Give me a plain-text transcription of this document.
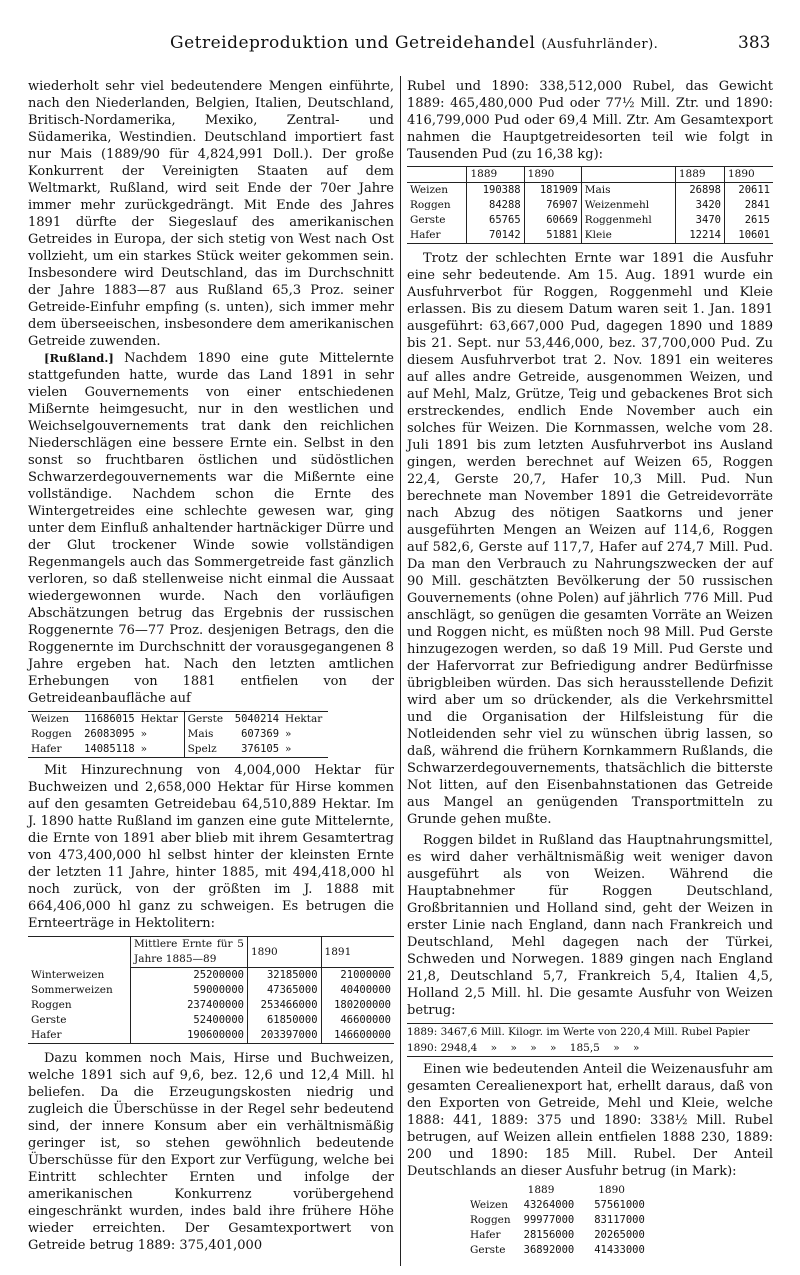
Getreideproduktion und Getreidehandel (Ausfuhrländer).	383

wiederholt sehr viel bedeutendere Mengen einführte, nach den Niederlanden, Belgien, Italien, Deutschland, Britisch-Nordamerika, Mexiko, Zentral- und Südamerika, Westindien. Deutschland importiert fast nur Mais (1889/90 für 4,824,991 Doll.). Der große Konkurrent der Vereinigten Staaten auf dem Weltmarkt, Rußland, wird seit Ende der 70er Jahre immer mehr zurückgedrängt. Mit Ende des Jahres 1891 dürfte der Siegeslauf des amerikanischen Getreides in Europa, der sich stetig von West nach Ost vollzieht, um ein starkes Stück weiter gekommen sein. Insbesondere wird Deutschland, das im Durchschnitt der Jahre 1883—87 aus Rußland 65,3 Proz. seiner Getreide-Einfuhr empfing (s. unten), sich immer mehr dem überseeischen, insbesondere dem amerikanischen Getreide zuwenden.

[Rußland.] Nachdem 1890 eine gute Mittelernte stattgefunden hatte, wurde das Land 1891 in sehr vielen Gouvernements von einer entschiedenen Mißernte heimgesucht, nur in den westlichen und Weichselgouvernements trat dank den reichlichen Niederschlägen eine bessere Ernte ein. Selbst in den sonst so fruchtbaren östlichen und südöstlichen Schwarzerdegouvernements war die Mißernte eine vollständige. Nachdem schon die Ernte des Wintergetreides eine schlechte gewesen war, ging unter dem Einfluß anhaltender hartnäckiger Dürre und der Glut trockener Winde sowie vollständigen Regenmangels auch das Sommergetreide fast gänzlich verloren, so daß stellenweise nicht einmal die Aussaat wiedergewonnen wurde. Nach den vorläufigen Abschätzungen betrug das Ergebnis der russischen Roggenernte 76—77 Proz. desjenigen Betrags, den die Roggenernte im Durchschnitt der vorausgegangenen 8 Jahre ergeben hat. Nach den letzten amtlichen Erhebungen von 1881 entfielen von der Getreideanbaufläche auf

Weizen	11686015	Hektar	Gerste	5040214	Hektar
Roggen	26083095	»	Mais	607369	»
Hafer	14085118	»	Spelz	376105	»

Mit Hinzurechnung von 4,004,000 Hektar für Buchweizen und 2,658,000 Hektar für Hirse kommen auf den gesamten Getreidebau 64,510,889 Hektar. Im J. 1890 hatte Rußland im ganzen eine gute Mittelernte, die Ernte von 1891 aber blieb mit ihrem Gesamtertrag von 473,400,000 hl selbst hinter der kleinsten Ernte der letzten 11 Jahre, hinter 1885, mit 494,418,000 hl noch zurück, von der größten im J. 1888 mit 664,406,000 hl ganz zu schweigen. Es betrugen die Ernteerträge in Hektolitern:

	Mittlere Ernte für 5 Jahre 1885—89	1890	1891
Winterweizen	25200000	32185000	21000000
Sommerweizen	59000000	47365000	40400000
Roggen	237400000	253466000	180200000
Gerste	52400000	61850000	46600000
Hafer	190600000	203397000	146600000

Dazu kommen noch Mais, Hirse und Buchweizen, welche 1891 sich auf 9,6, bez. 12,6 und 12,4 Mill. hl beliefen. Da die Erzeugungskosten niedrig und zugleich die Überschüsse in der Regel sehr bedeutend sind, der innere Konsum aber ein verhältnismäßig geringer ist, so stehen gewöhnlich bedeutende Überschüsse für den Export zur Verfügung, welche bei Eintritt schlechter Ernten und infolge der amerikanischen Konkurrenz vorübergehend eingeschränkt wurden, indes bald ihre frühere Höhe wieder erreichten. Der Gesamtexportwert von Getreide betrug 1889: 375,401,000

Rubel und 1890: 338,512,000 Rubel, das Gewicht 1889: 465,480,000 Pud oder 77½ Mill. Ztr. und 1890: 416,799,000 Pud oder 69,4 Mill. Ztr. Am Gesamtexport nahmen die Hauptgetreidesorten teil wie folgt in Tausenden Pud (zu 16,38 kg):

	1889	1890		1889	1890
Weizen	190388	181909	Mais	26898	20611
Roggen	84288	76907	Weizenmehl	3420	2841
Gerste	65765	60669	Roggenmehl	3470	2615
Hafer	70142	51881	Kleie	12214	10601

Trotz der schlechten Ernte war 1891 die Ausfuhr eine sehr bedeutende. Am 15. Aug. 1891 wurde ein Ausfuhrverbot für Roggen, Roggenmehl und Kleie erlassen. Bis zu diesem Datum waren seit 1. Jan. 1891 ausgeführt: 63,667,000 Pud, dagegen 1890 und 1889 bis 21. Sept. nur 53,446,000, bez. 37,700,000 Pud. Zu diesem Ausfuhrverbot trat 2. Nov. 1891 ein weiteres auf alles andre Getreide, ausgenommen Weizen, und auf Mehl, Malz, Grütze, Teig und gebackenes Brot sich erstreckendes, endlich Ende November auch ein solches für Weizen. Die Kornmassen, welche vom 28. Juli 1891 bis zum letzten Ausfuhrverbot ins Ausland gingen, werden berechnet auf Weizen 65, Roggen 22,4, Gerste 20,7, Hafer 10,3 Mill. Pud. Nun berechnete man November 1891 die Getreidevorräte nach Abzug des nötigen Saatkorns und jener ausgeführten Mengen an Weizen auf 114,6, Roggen auf 582,6, Gerste auf 117,7, Hafer auf 274,7 Mill. Pud. Da man den Verbrauch zu Nahrungszwecken der auf 90 Mill. geschätzten Bevölkerung der 50 russischen Gouvernements (ohne Polen) auf jährlich 776 Mill. Pud anschlägt, so genügen die gesamten Vorräte an Weizen und Roggen nicht, es müßten noch 98 Mill. Pud Gerste hinzugezogen werden, so daß 19 Mill. Pud Gerste und der Hafervorrat zur Befriedigung andrer Bedürfnisse übrigbleiben würden. Das sich herausstellende Defizit wird aber um so drückender, als die Verkehrsmittel und die Organisation der Hilfsleistung für die Notleidenden sehr viel zu wünschen übrig lassen, so daß, während die frühern Kornkammern Rußlands, die Schwarzerdegouvernements, thatsächlich die bitterste Not litten, auf den Eisenbahnstationen das Getreide aus Mangel an genügenden Transportmitteln zu Grunde gehen mußte.

Roggen bildet in Rußland das Hauptnahrungsmittel, es wird daher verhältnismäßig weit weniger davon ausgeführt als von Weizen. Während die Hauptabnehmer für Roggen Deutschland, Großbritannien und Holland sind, geht der Weizen in erster Linie nach England, dann nach Frankreich und Deutschland, Mehl dagegen nach der Türkei, Schweden und Norwegen. 1889 gingen nach England 21,8, Deutschland 5,7, Frankreich 5,4, Italien 4,5, Holland 2,5 Mill. hl. Die gesamte Ausfuhr von Weizen betrug:

1889: 3467,6 Mill. Kilogr. im Werte von 220,4 Mill. Rubel Papier
1890: 2948,4    »    »    »    »    185,5    »    »

Einen wie bedeutenden Anteil die Weizenausfuhr am gesamten Cerealienexport hat, erhellt daraus, daß von den Exporten von Getreide, Mehl und Kleie, welche 1888: 441, 1889: 375 und 1890: 338½ Mill. Rubel betrugen, auf Weizen allein entfielen 1888 230, 1889: 200 und 1890: 185 Mill. Rubel. Der Anteil Deutschlands an dieser Ausfuhr betrug (in Mark):

	1889	1890
Weizen	43264000	57561000
Roggen	99977000	83117000
Hafer	28156000	20265000
Gerste	36892000	41433000
